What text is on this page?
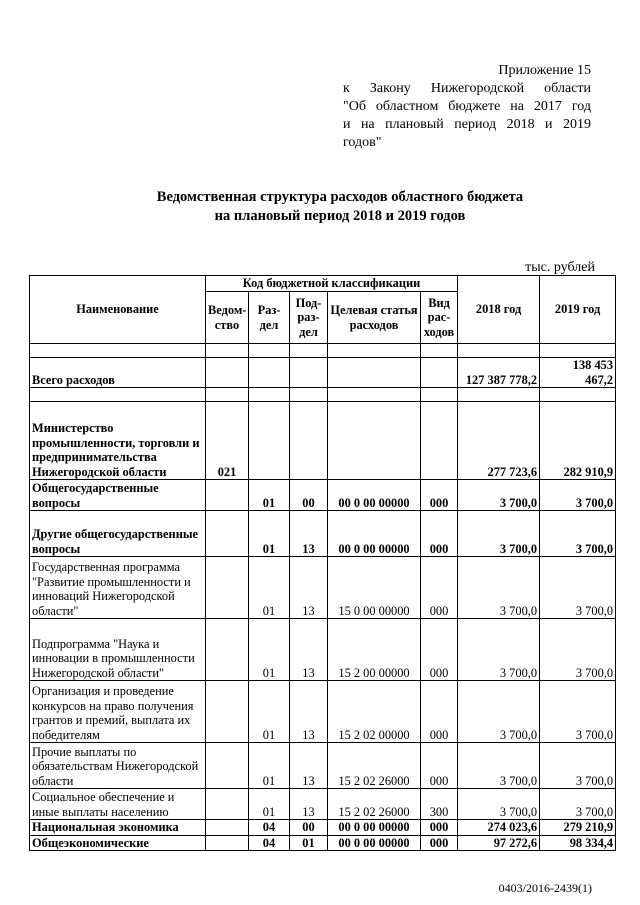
Приложение 15
к Закону Нижегородской области
"Об областном бюджете на 2017 год
и на плановый период 2018 и 2019
годов"
Ведомственная структура расходов областного бюджета
на плановый период 2018 и 2019 годов
тыс. рублей
Наименование	Код бюджетной классификации					2018 год	2019 год
	Ведом-ство	Раз-дел	Под-раз-дел	Целевая статья расходов	Вид рас-ходов		

Всего расходов						127 387 778,2	138 453 467,2

Министерство промышленности, торговли и предпринимательства Нижегородской области	021					277 723,6	282 910,9
Общегосударственные вопросы		01	00	00 0 00 00000	000	3 700,0	3 700,0
Другие общегосударственные вопросы		01	13	00 0 00 00000	000	3 700,0	3 700,0
Государственная программа "Развитие промышленности и инноваций Нижегородской области"		01	13	15 0 00 00000	000	3 700,0	3 700,0
Подпрограмма "Наука и инновации в промышленности Нижегородской области"		01	13	15 2 00 00000	000	3 700,0	3 700,0
Организация и проведение конкурсов на право получения грантов и премий, выплата их победителям		01	13	15 2 02 00000	000	3 700,0	3 700,0
Прочие выплаты по обязательствам Нижегородской области		01	13	15 2 02 26000	000	3 700,0	3 700,0
Социальное обеспечение и иные выплаты населению		01	13	15 2 02 26000	300	3 700,0	3 700,0
Национальная экономика		04	00	00 0 00 00000	000	274 023,6	279 210,9
Общеэкономические		04	01	00 0 00 00000	000	97 272,6	98 334,4
0403/2016-2439(1)
